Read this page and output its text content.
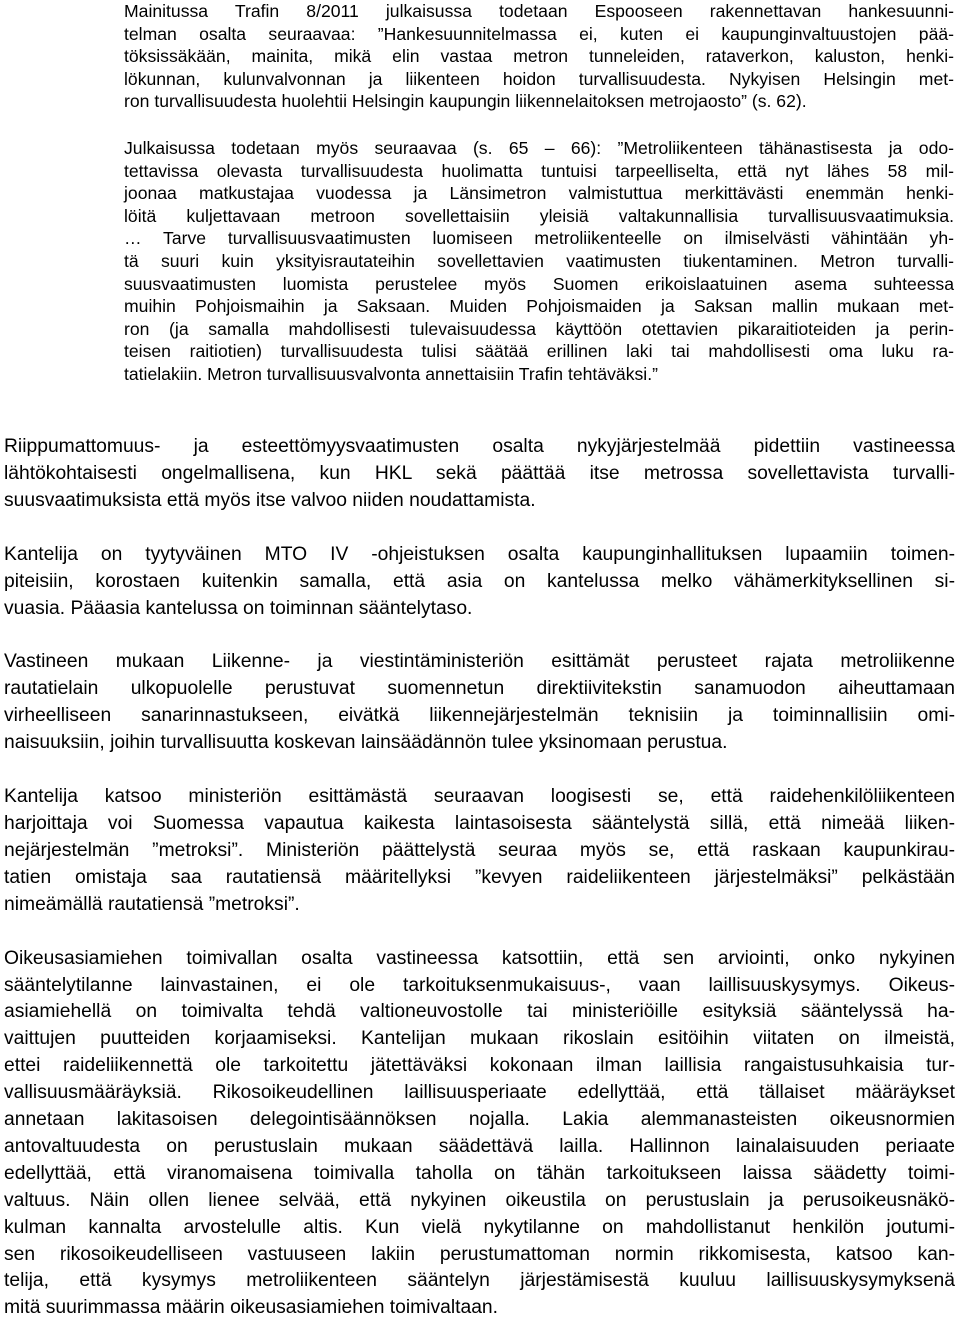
Mainitussa Trafin 8/2011 julkaisussa todetaan Espooseen rakennettavan hankesuunni-
telman osalta seuraavaa: ”Hankesuunnitelmassa ei, kuten ei kaupunginvaltuustojen pää-
töksissäkään, mainita, mikä elin vastaa metron tunneleiden, rataverkon, kaluston, henki-
lökunnan, kulunvalvonnan ja liikenteen hoidon turvallisuudesta. Nykyisen Helsingin met-
ron turvallisuudesta huolehtii Helsingin kaupungin liikennelaitoksen metrojaosto” (s. 62).

Julkaisussa todetaan myös seuraavaa (s. 65 – 66): ”Metroliikenteen tähänastisesta ja odo-
tettavissa olevasta turvallisuudesta huolimatta tuntuisi tarpeelliselta, että nyt lähes 58 mil-
joonaa matkustajaa vuodessa ja Länsimetron valmistuttua merkittävästi enemmän henki-
löitä kuljettavaan metroon sovellettaisiin yleisiä valtakunnallisia turvallisuusvaatimuksia.
… Tarve turvallisuusvaatimusten luomiseen metroliikenteelle on ilmiselvästi vähintään yh-
tä suuri kuin yksityisrautateihin sovellettavien vaatimusten tiukentaminen. Metron turvalli-
suusvaatimusten luomista perustelee myös Suomen erikoislaatuinen asema suhteessa
muihin Pohjoismaihin ja Saksaan. Muiden Pohjoismaiden ja Saksan mallin mukaan met-
ron (ja samalla mahdollisesti tulevaisuudessa käyttöön otettavien pikaraitioteiden ja perin-
teisen raitiotien) turvallisuudesta tulisi säätää erillinen laki tai mahdollisesti oma luku ra-
tatielakiin. Metron turvallisuusvalvonta annettaisiin Trafin tehtäväksi.”

Riippumattomuus- ja esteettömyysvaatimusten osalta nykyjärjestelmää pidettiin vastineessa
lähtökohtaisesti ongelmallisena, kun HKL sekä päättää itse metrossa sovellettavista turvalli-
suusvaatimuksista että myös itse valvoo niiden noudattamista.

Kantelija on tyytyväinen MTO IV -ohjeistuksen osalta kaupunginhallituksen lupaamiin toimen-
piteisiin, korostaen kuitenkin samalla, että asia on kantelussa melko vähämerkityksellinen si-
vuasia. Pääasia kantelussa on toiminnan sääntelytaso.

Vastineen mukaan Liikenne- ja viestintäministeriön esittämät perusteet rajata metroliikenne
rautatielain ulkopuolelle perustuvat suomennetun direktiivitekstin sanamuodon aiheuttamaan
virheelliseen sanarinnastukseen, eivätkä liikennejärjestelmän teknisiin ja toiminnallisiin omi-
naisuuksiin, joihin turvallisuutta koskevan lainsäädännön tulee yksinomaan perustua.

Kantelija katsoo ministeriön esittämästä seuraavan loogisesti se, että raidehenkilöliikenteen
harjoittaja voi Suomessa vapautua kaikesta laintasoisesta sääntelystä sillä, että nimeää liiken-
nejärjestelmän ”metroksi”. Ministeriön päättelystä seuraa myös se, että raskaan kaupunkirau-
tatien omistaja saa rautatiensä määritellyksi ”kevyen raideliikenteen järjestelmäksi” pelkästään
nimeämällä rautatiensä ”metroksi”.

Oikeusasiamiehen toimivallan osalta vastineessa katsottiin, että sen arviointi, onko nykyinen
sääntelytilanne lainvastainen, ei ole tarkoituksenmukaisuus-, vaan laillisuuskysymys. Oikeus-
asiamiehellä on toimivalta tehdä valtioneuvostolle tai ministeriöille esityksiä sääntelyssä ha-
vaittujen puutteiden korjaamiseksi. Kantelijan mukaan rikoslain esitöihin viitaten on ilmeistä,
ettei raideliikennettä ole tarkoitettu jätettäväksi kokonaan ilman laillisia rangaistusuhkaisia tur-
vallisuusmääräyksiä. Rikosoikeudellinen laillisuusperiaate edellyttää, että tällaiset määräykset
annetaan lakitasoisen delegointisäännöksen nojalla. Lakia alemmanasteisten oikeusnormien
antovaltuudesta on perustuslain mukaan säädettävä lailla. Hallinnon lainalaisuuden periaate
edellyttää, että viranomaisena toimivalla taholla on tähän tarkoitukseen laissa säädetty toimi-
valtuus. Näin ollen lienee selvää, että nykyinen oikeustila on perustuslain ja perusoikeusnäkö-
kulman kannalta arvostelulle altis. Kun vielä nykytilanne on mahdollistanut henkilön joutumi-
sen rikosoikeudelliseen vastuuseen lakiin perustumattoman normin rikkomisesta, katsoo kan-
telija, että kysymys metroliikenteen sääntelyn järjestämisestä kuuluu laillisuuskysymyksenä
mitä suurimmassa määrin oikeusasiamiehen toimivaltaan.
